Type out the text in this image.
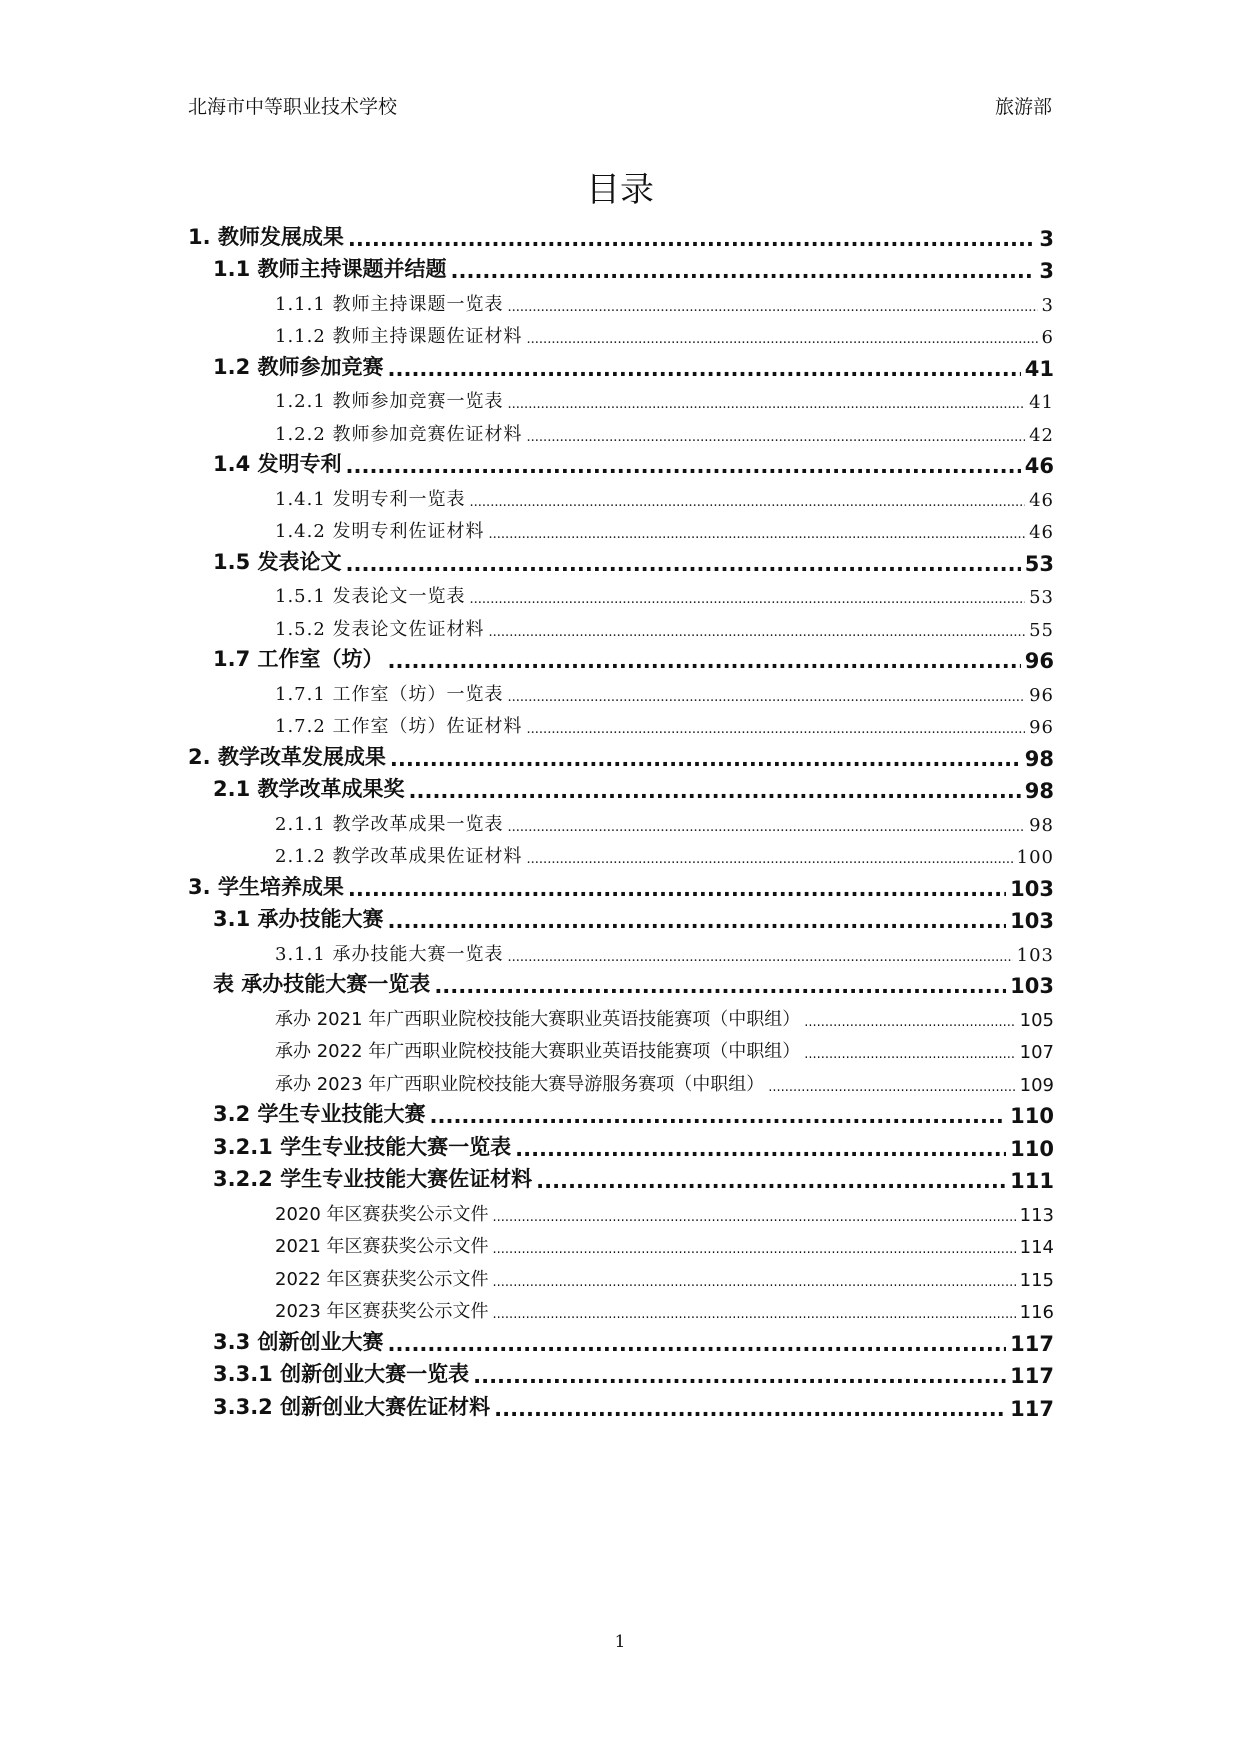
北海市中等职业技术学校	旅游部
目录
1. 教师发展成果 .....	3
1.1 教师主持课题并结题 .....	3
1.1.1 教师主持课题一览表 .....	3
1.1.2 教师主持课题佐证材料 .....	6
1.2 教师参加竞赛 .....	41
1.2.1 教师参加竞赛一览表 .....	41
1.2.2 教师参加竞赛佐证材料 .....	42
1.4 发明专利 .....	46
1.4.1 发明专利一览表 .....	46
1.4.2 发明专利佐证材料 .....	46
1.5 发表论文 .....	53
1.5.1 发表论文一览表 .....	53
1.5.2 发表论文佐证材料 .....	55
1.7 工作室（坊） .....	96
1.7.1 工作室（坊）一览表 .....	96
1.7.2 工作室（坊）佐证材料 .....	96
2. 教学改革发展成果 .....	98
2.1 教学改革成果奖 .....	98
2.1.1 教学改革成果一览表 .....	98
2.1.2 教学改革成果佐证材料 .....	100
3. 学生培养成果 .....	103
3.1 承办技能大赛 .....	103
3.1.1 承办技能大赛一览表 .....	103
表 承办技能大赛一览表 .....	103
承办 2021 年广西职业院校技能大赛职业英语技能赛项（中职组） .....	105
承办 2022 年广西职业院校技能大赛职业英语技能赛项（中职组） .....	107
承办 2023 年广西职业院校技能大赛导游服务赛项（中职组） .....	109
3.2 学生专业技能大赛 .....	110
3.2.1 学生专业技能大赛一览表 .....	110
3.2.2 学生专业技能大赛佐证材料 .....	111
2020 年区赛获奖公示文件 .....	113
2021 年区赛获奖公示文件 .....	114
2022 年区赛获奖公示文件 .....	115
2023 年区赛获奖公示文件 .....	116
3.3 创新创业大赛 .....	117
3.3.1 创新创业大赛一览表 .....	117
3.3.2 创新创业大赛佐证材料 .....	117
1
